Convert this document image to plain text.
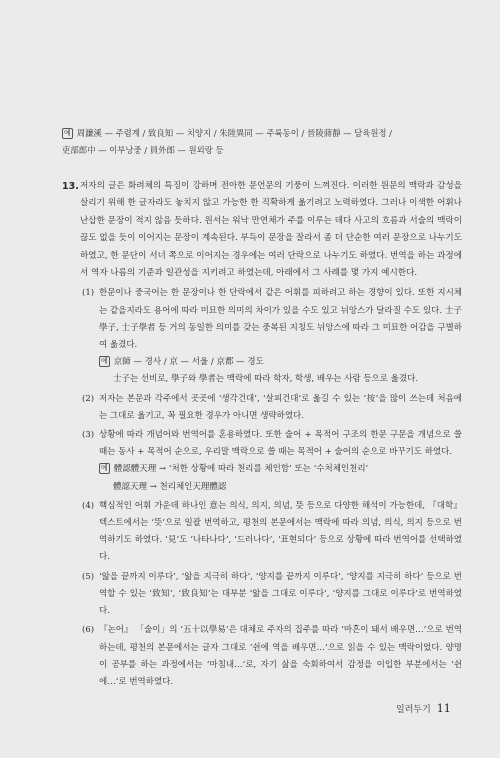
예 周濂溪 — 주렴계 / 致良知 — 치양지 / 朱陸異同 — 주륙동이 / 晉陵蔣靜 — 담육원정 /
吏部郎中 — 이부낭중 / 員外郎 — 원외랑 등
13. 저자의 글은 화려체의 특징이 강하며 전아한 문언문의 기풍이 느껴진다. 이러한 원문의 맥락과 감성을 살리기 위해 한 글자라도 놓치지 않고 가능한 한 직확하게 옮기려고 노력하였다. 그러나 이색한 어휘나 난삽한 문장이 적지 않음 듯하다. 원서는 워낙 만연체가 주를 이루는 데다 사고의 흐름과 서술의 맥락이 끊도 없을 듯이 이어지는 문장이 계속된다. 부득이 문장을 잘라서 좀 더 단순한 여러 문장으로 나누기도 하였고, 한 문단이 서너 쪽으로 이어지는 경우에는 여러 단락으로 나누기도 하였다. 번역을 하는 과정에서 역자 나름의 기준과 일관성을 지키려고 하였는데, 아래에서 그 사례를 몇 가지 예시한다.
(1) 한문이나 중국어는 한 문장이나 한 단락에서 같은 어휘를 피하려고 하는 경향이 있다. 또한 지시체는 같을지라도 용어에 따라 미묘한 의미의 차이가 있을 수도 있고 뉘앙스가 달라질 수도 있다. 士子學子, 士子學者 등 거의 동일한 의미를 갖는 중복된 지칭도 뉘앙스에 따라 그 미묘한 어감을 구별하여 옮겼다.
예 京師 — 경사 / 京 — 서울 / 京都 — 경도
士子는 선비로, 學子와 學者는 맥락에 따라 학자, 학생, 배우는 사람 등으로 옮겼다.
(2) 저자는 본문과 각주에서 곳곳에 ‘생각건대’, ‘살피건대’로 옮길 수 있는 ‘按’을 많이 쓰는데 처음에는 그대로 옮기고, 꼭 필요한 경우가 아니면 생략하였다.
(3) 상황에 따라 개념어와 번역어를 혼용하였다. 또한 술어 + 목적어 구조의 한문 구문을 개념으로 쓸 때는 동사 + 목적어 순으로, 우리말 맥락으로 쓸 때는 목적어 + 술어의 순으로 바꾸기도 하였다.
예 體認體天理 → ‘처한 상황에 따라 천리를 체인함’ 또는 ‘수처체인천리’
體認天理 → 천리체인天理體認
(4) 핵심적인 어휘 가운데 하나인 意는 의식, 의지, 의념, 뜻 등으로 다양한 해석이 가능한데, 『대학』 텍스트에서는 ‘뜻’으로 일괄 번역하고, 평천의 본문에서는 맥락에 따라 의념, 의식, 의지 등으로 번역하기도 하였다. ‘見’도 ‘나타나다’, ‘드러나다’, ‘표현되다’ 등으로 상황에 따라 번역어를 선택하였다.
(5) ‘앎을 끝까지 이루다’, ‘앎을 지극히 하다’, ‘양지를 끝까지 이루다’, ‘양지를 지극히 하다’ 등으로 번역할 수 있는 ‘致知’, ‘致良知’는 대부분 ‘앎을 그대로 이루다’, ‘양지를 그대로 이루다’로 번역하였다.
(6) 『논어』 「술이」의 ‘五十以學易’은 대체로 주자의 집주를 따라 ‘마흔이 돼서 배우면…’으로 번역하는데, 평천의 본문에서는 글자 그대로 ‘쉰에 역을 배우면…’으로 읽을 수 있는 맥락이었다. 양명이 공부를 하는 과정에서는 ‘마침내…’로, 자기 삶을 숙회하여서 감정을 이입한 부분에서는 ‘쉰에…’로 번역하였다.
일러두기 11
